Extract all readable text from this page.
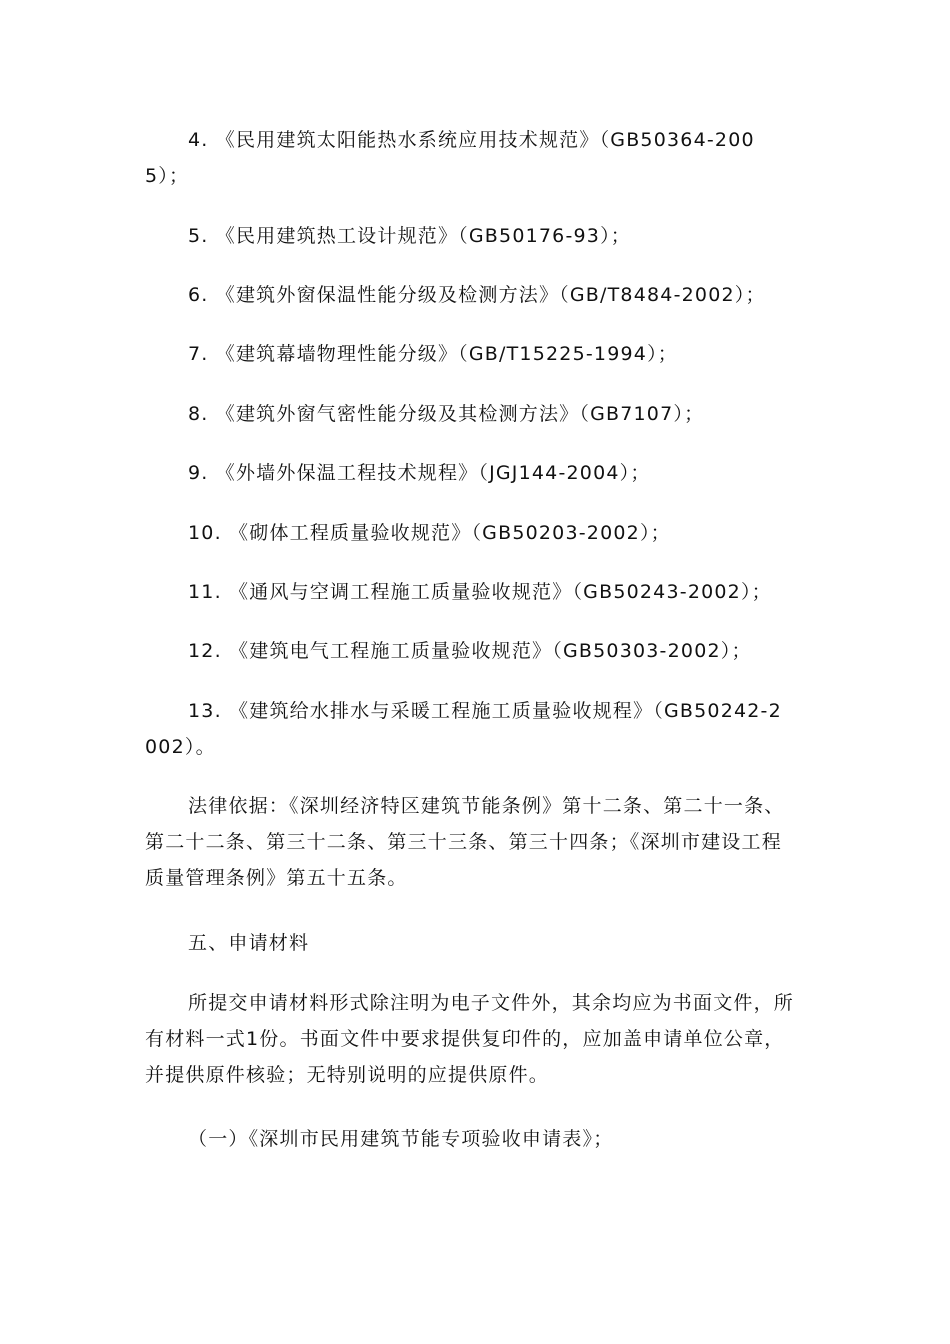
4. 《民用建筑太阳能热水系统应用技术规范》（GB50364-2005）；
5. 《民用建筑热工设计规范》（GB50176-93）；
6. 《建筑外窗保温性能分级及检测方法》（GB/T8484-2002）；
7. 《建筑幕墙物理性能分级》（GB/T15225-1994）；
8. 《建筑外窗气密性能分级及其检测方法》（GB7107）；
9. 《外墙外保温工程技术规程》（JGJ144-2004）；
10. 《砌体工程质量验收规范》（GB50203-2002）；
11. 《通风与空调工程施工质量验收规范》（GB50243-2002）；
12. 《建筑电气工程施工质量验收规范》（GB50303-2002）；
13. 《建筑给水排水与采暖工程施工质量验收规程》（GB50242-2002）。
法律依据：《深圳经济特区建筑节能条例》第十二条、第二十一条、第二十二条、第三十二条、第三十三条、第三十四条；《深圳市建设工程质量管理条例》第五十五条。
五、申请材料
所提交申请材料形式除注明为电子文件外，其余均应为书面文件，所有材料一式1份。书面文件中要求提供复印件的，应加盖申请单位公章，并提供原件核验；无特别说明的应提供原件。
（一）《深圳市民用建筑节能专项验收申请表》；
